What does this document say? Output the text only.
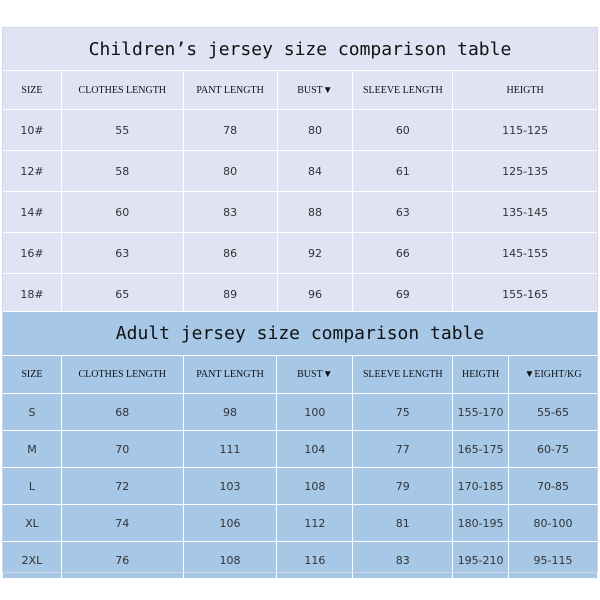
Children’s jersey size comparison table					
SIZE	CLOTHES LENGTH	PANT LENGTH	BUST▼	SLEEVE LENGTH	HEIGTH
10#	55	78	80	60	115-125
12#	58	80	84	61	125-135
14#	60	83	88	63	135-145
16#	63	86	92	66	145-155
18#	65	89	96	69	155-165
Adult jersey size comparison table						
SIZE	CLOTHES LENGTH	PANT LENGTH	BUST▼	SLEEVE LENGTH	HEIGTH	▼EIGHT/KG
S	68	98	100	75	155-170	55-65
M	70	111	104	77	165-175	60-75
L	72	103	108	79	170-185	70-85
XL	74	106	112	81	180-195	80-100
2XL	76	108	116	83	195-210	95-115
